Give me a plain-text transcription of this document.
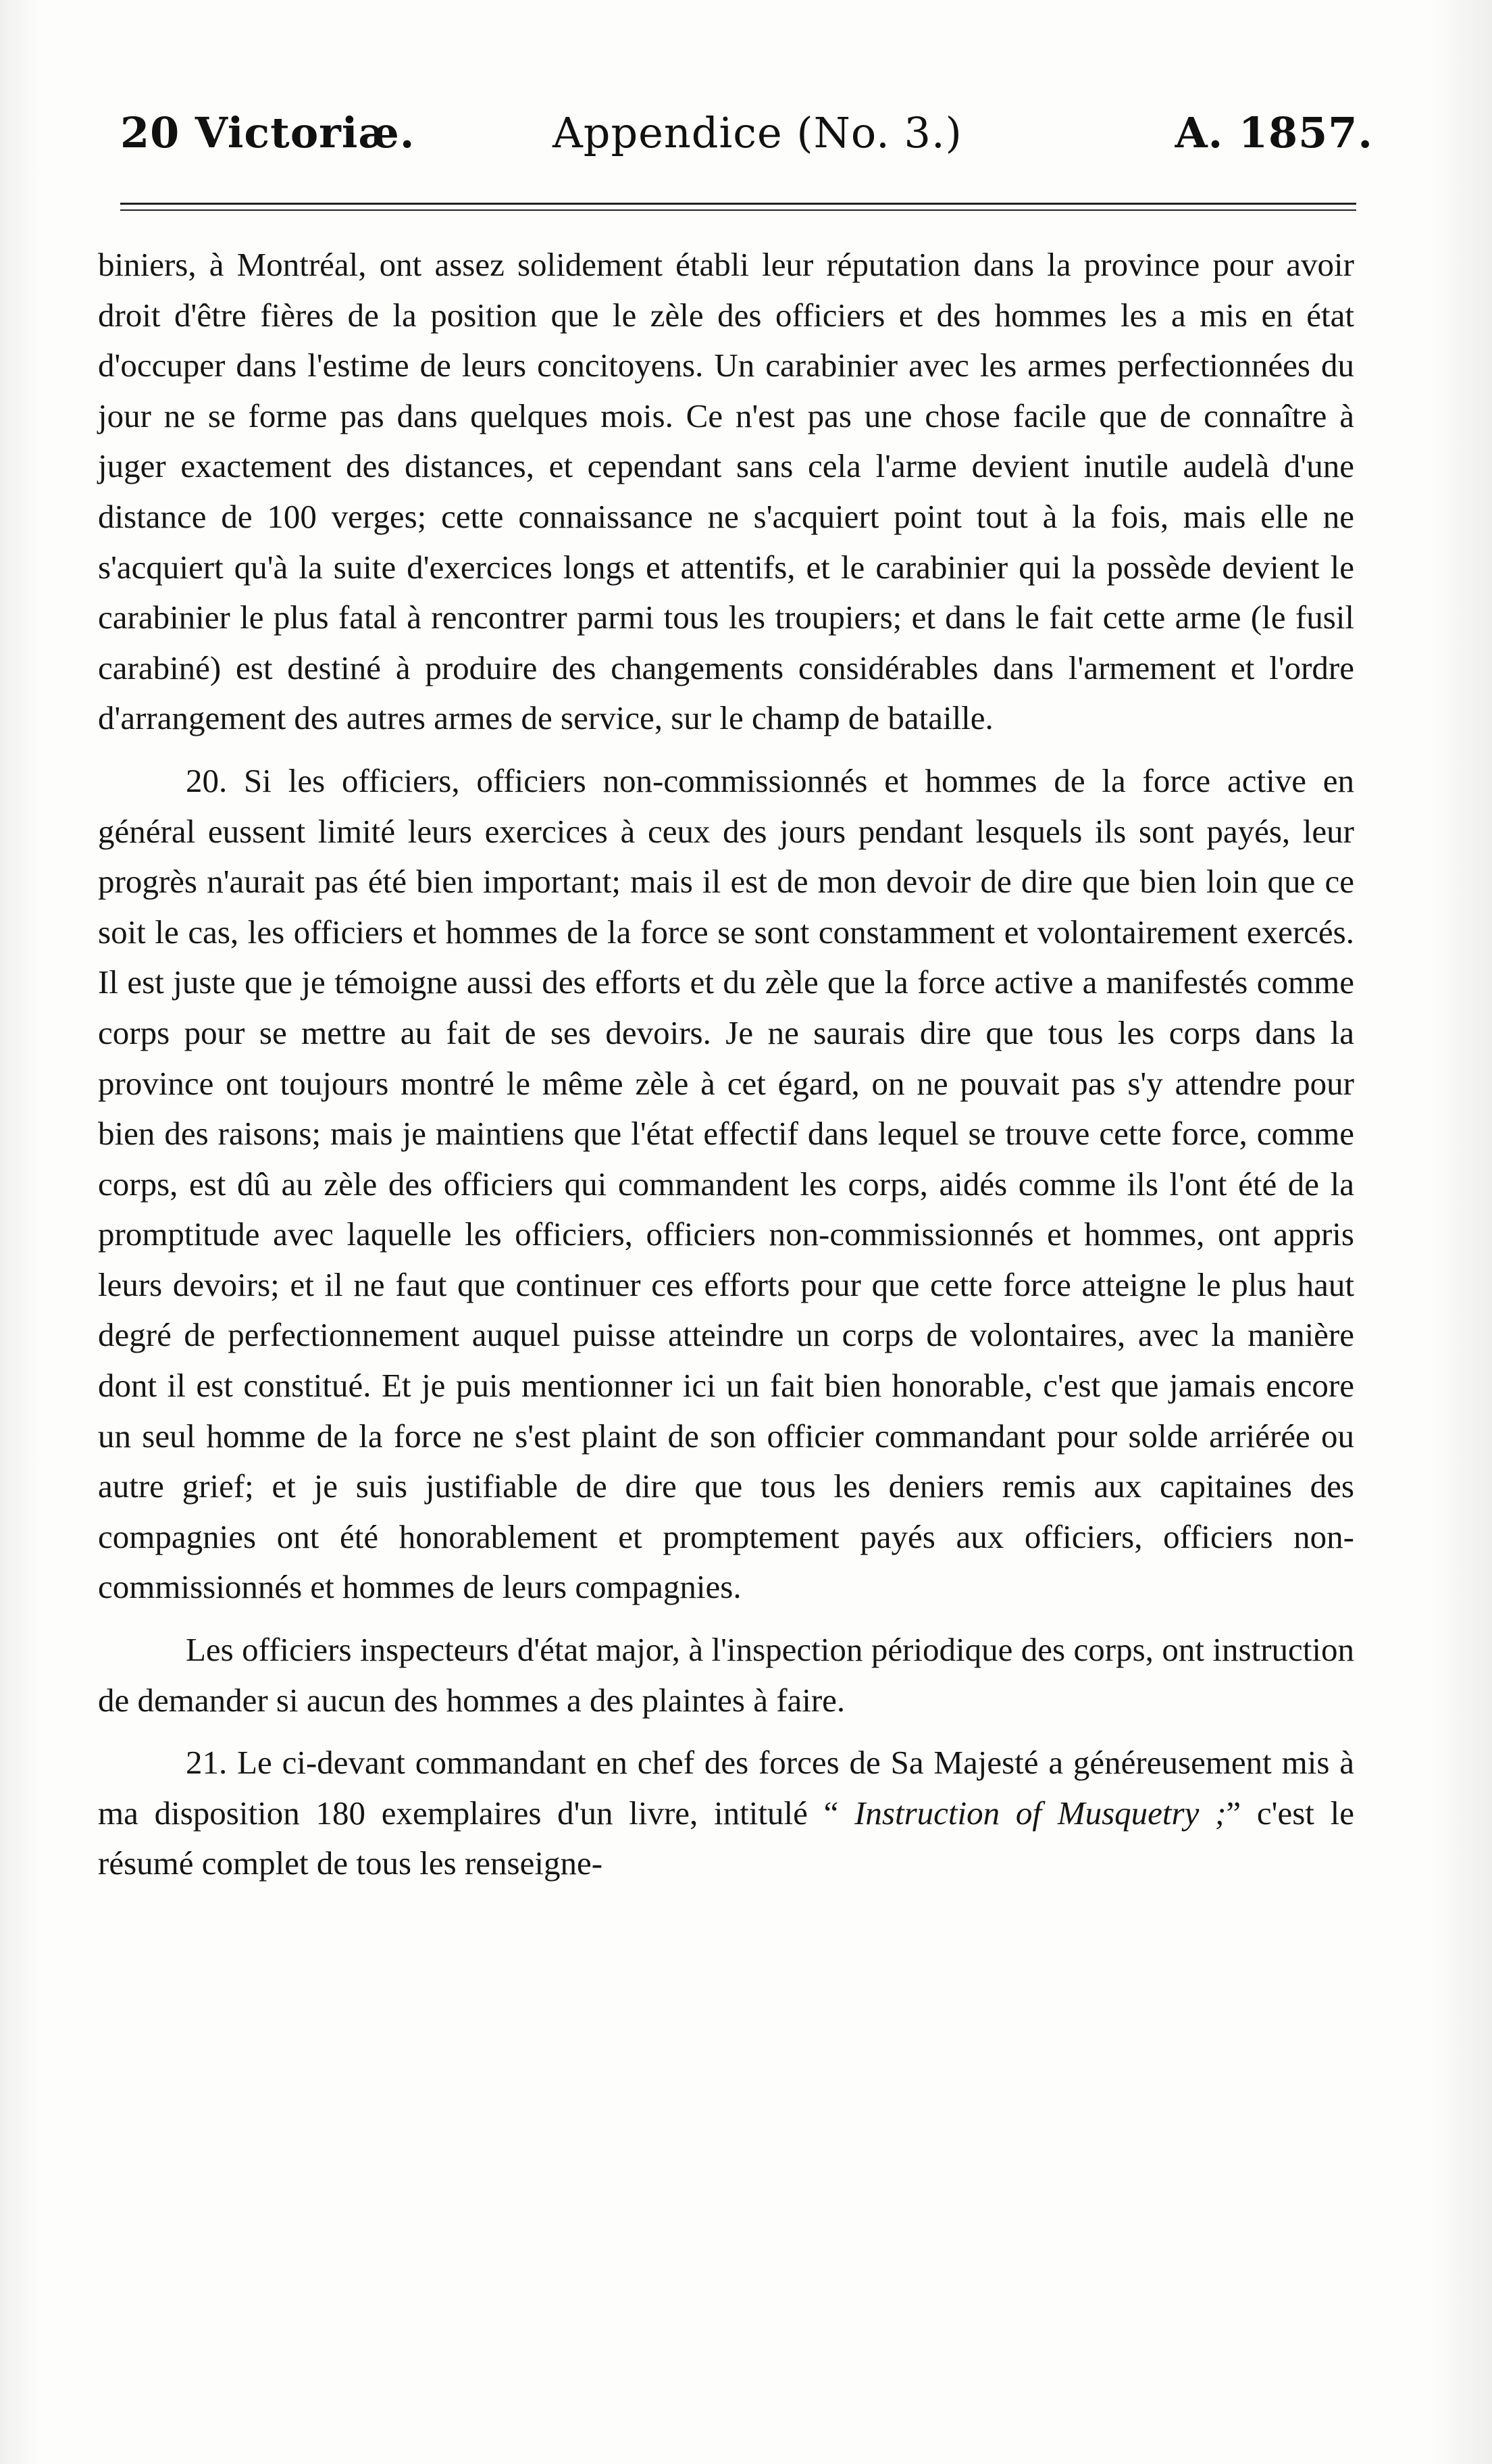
20 Victoriæ.	Appendice (No. 3.)	A. 1857.

biniers, à Montréal, ont assez solidement établi leur réputation dans la province pour avoir droit d'être fières de la position que le zèle des officiers et des hommes les a mis en état d'occuper dans l'estime de leurs concitoyens. Un carabinier avec les armes perfectionnées du jour ne se forme pas dans quelques mois. Ce n'est pas une chose facile que de connaître à juger exactement des distances, et cependant sans cela l'arme devient inutile audelà d'une distance de 100 verges; cette connaissance ne s'acquiert point tout à la fois, mais elle ne s'acquiert qu'à la suite d'exercices longs et attentifs, et le carabinier qui la possède devient le carabinier le plus fatal à rencontrer parmi tous les troupiers; et dans le fait cette arme (le fusil carabiné) est destiné à produire des changements considérables dans l'armement et l'ordre d'arrangement des autres armes de service, sur le champ de bataille.

20. Si les officiers, officiers non-commissionnés et hommes de la force active en général eussent limité leurs exercices à ceux des jours pendant lesquels ils sont payés, leur progrès n'aurait pas été bien important; mais il est de mon devoir de dire que bien loin que ce soit le cas, les officiers et hommes de la force se sont constamment et volontairement exercés. Il est juste que je témoigne aussi des efforts et du zèle que la force active a manifestés comme corps pour se mettre au fait de ses devoirs. Je ne saurais dire que tous les corps dans la province ont toujours montré le même zèle à cet égard, on ne pouvait pas s'y attendre pour bien des raisons; mais je maintiens que l'état effectif dans lequel se trouve cette force, comme corps, est dû au zèle des officiers qui commandent les corps, aidés comme ils l'ont été de la promptitude avec laquelle les officiers, officiers non-commissionnés et hommes, ont appris leurs devoirs; et il ne faut que continuer ces efforts pour que cette force atteigne le plus haut degré de perfectionnement auquel puisse atteindre un corps de volontaires, avec la manière dont il est constitué. Et je puis mentionner ici un fait bien honorable, c'est que jamais encore un seul homme de la force ne s'est plaint de son officier commandant pour solde arriérée ou autre grief; et je suis justifiable de dire que tous les deniers remis aux capitaines des compagnies ont été honorablement et promptement payés aux officiers, officiers non-commissionnés et hommes de leurs compagnies.

Les officiers inspecteurs d'état major, à l'inspection périodique des corps, ont instruction de demander si aucun des hommes a des plaintes à faire.

21. Le ci-devant commandant en chef des forces de Sa Majesté a généreusement mis à ma disposition 180 exemplaires d'un livre, intitulé “ Instruction of Musquetry ;” c'est le résumé complet de tous les renseigne-
